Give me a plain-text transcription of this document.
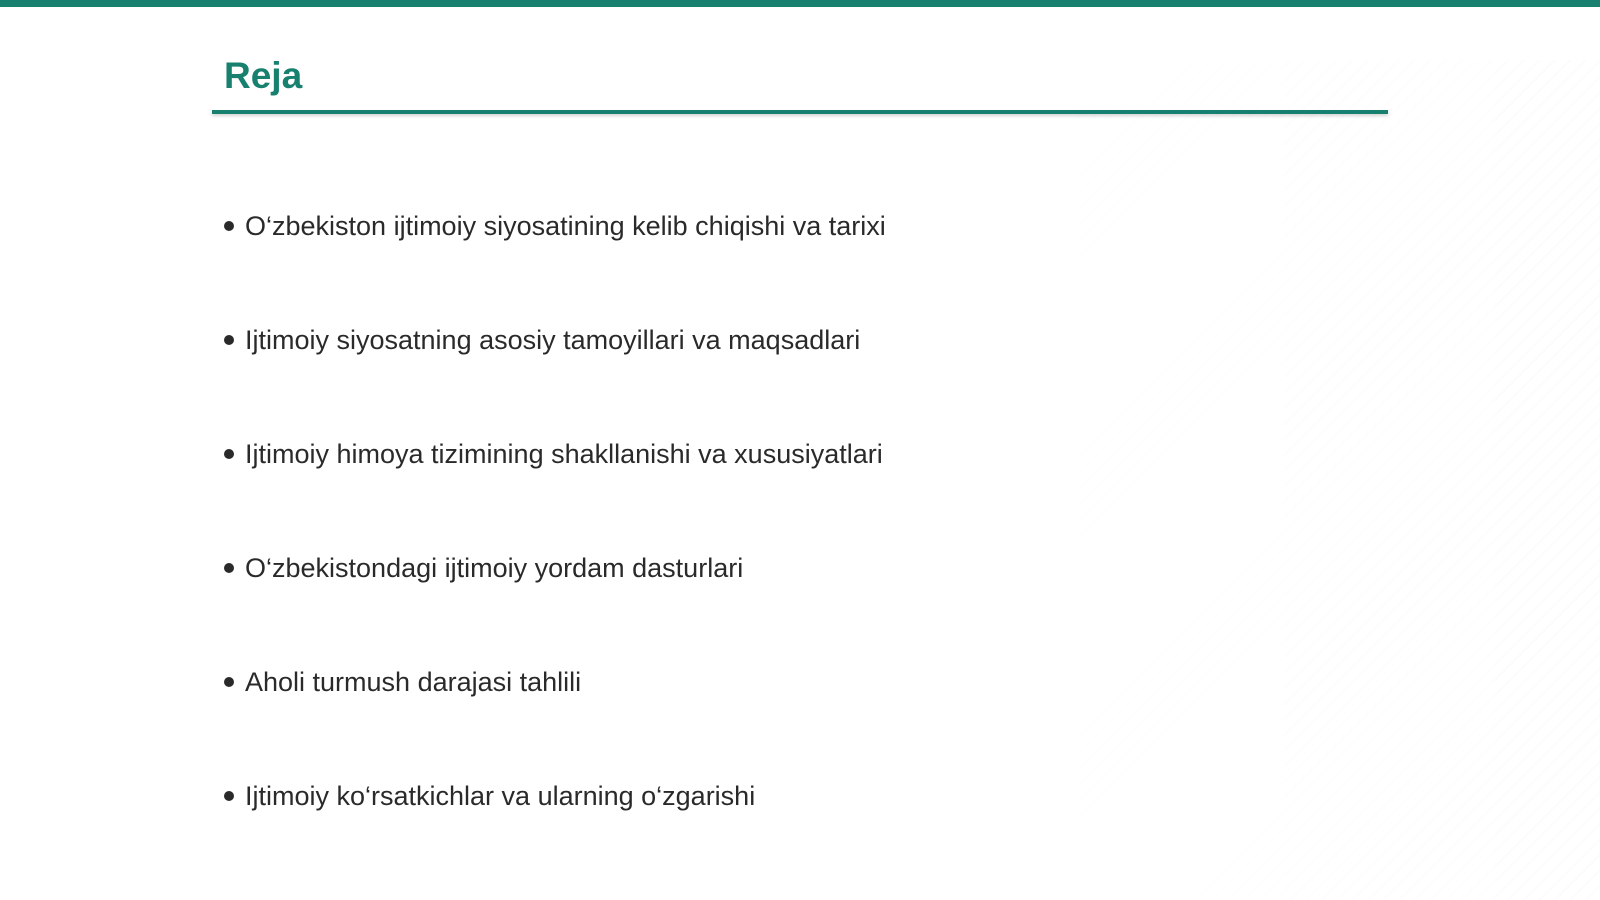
Reja
O‘zbekiston ijtimoiy siyosatining kelib chiqishi va tarixi
Ijtimoiy siyosatning asosiy tamoyillari va maqsadlari
Ijtimoiy himoya tizimining shakllanishi va xususiyatlari
O‘zbekistondagi ijtimoiy yordam dasturlari
Aholi turmush darajasi tahlili
Ijtimoiy ko‘rsatkichlar va ularning o‘zgarishi
